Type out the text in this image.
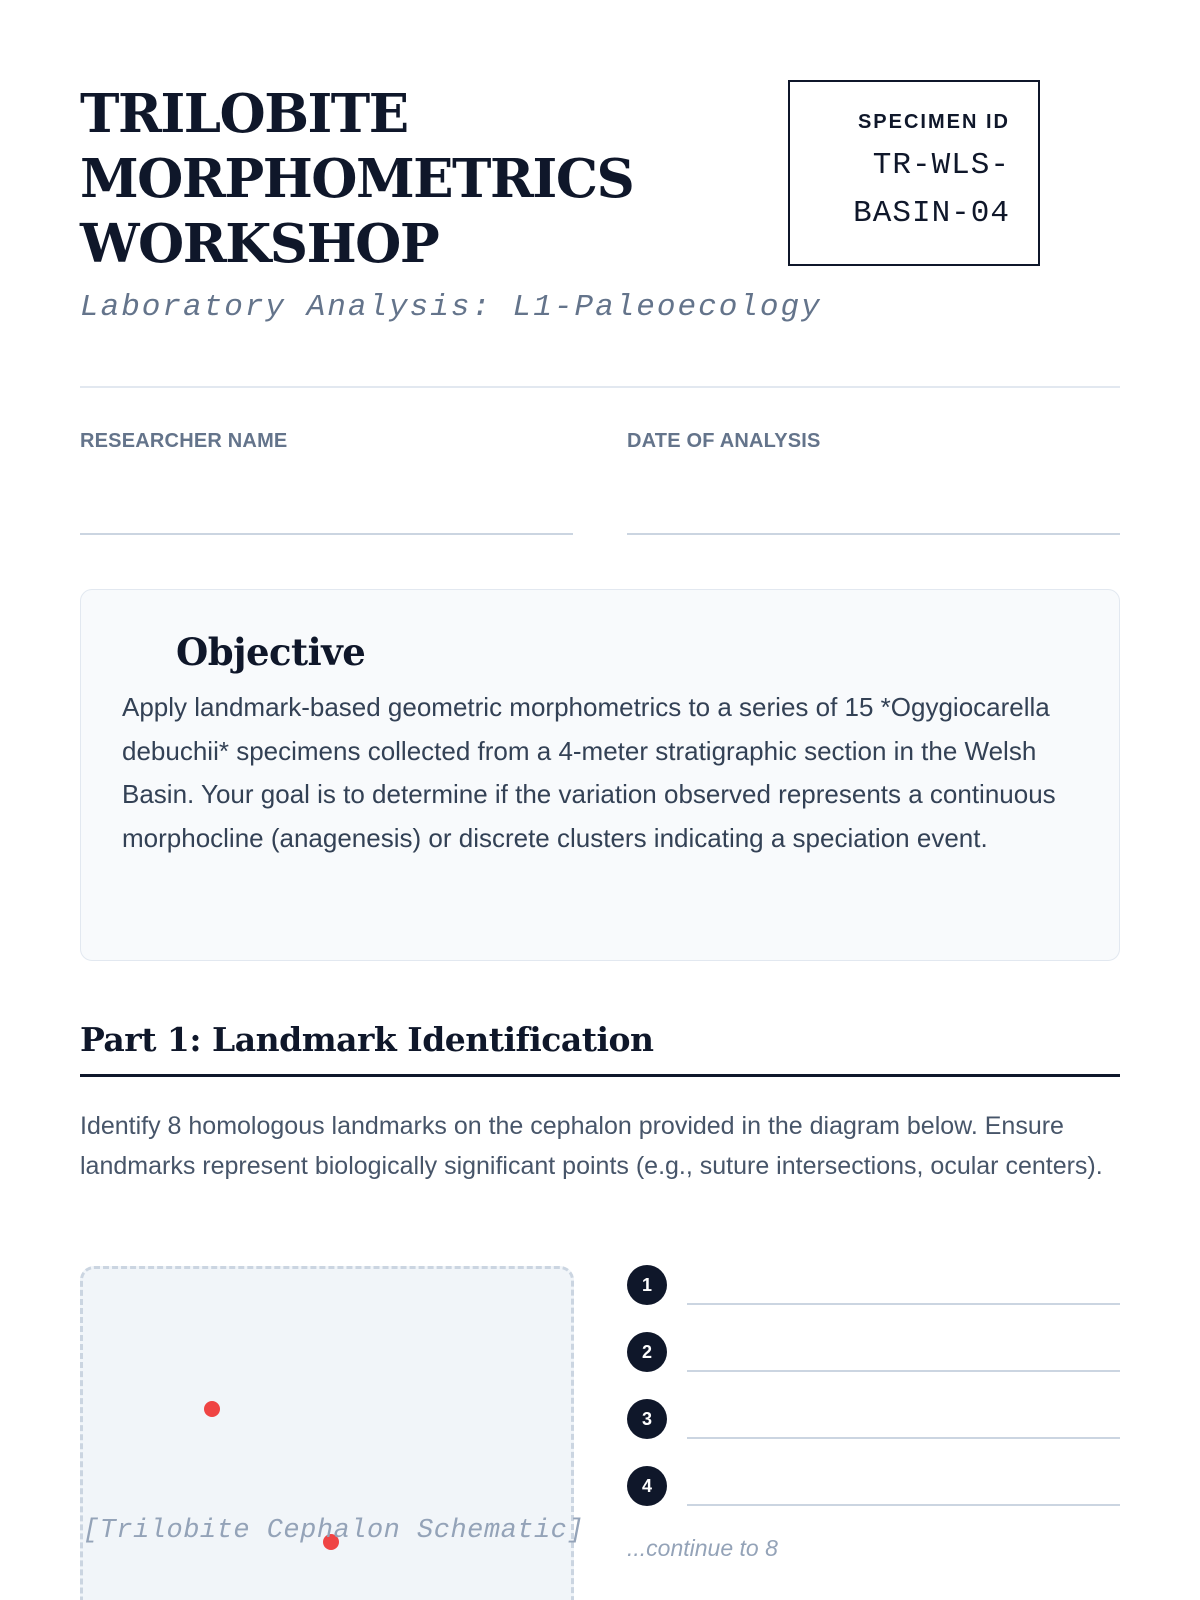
TRILOBITE
MORPHOMETRICS
WORKSHOP

Laboratory Analysis: L1-Paleoecology

SPECIMEN ID
TR-WLS-
BASIN-04
RESEARCHER NAME	DATE OF ANALYSIS
Objective

Apply landmark-based geometric morphometrics to a series of 15 *Ogygiocarella debuchii* specimens collected from a 4-meter stratigraphic section in the Welsh Basin. Your goal is to determine if the variation observed represents a continuous morphocline (anagenesis) or discrete clusters indicating a speciation event.

Part 1: Landmark Identification

Identify 8 homologous landmarks on the cephalon provided in the diagram below. Ensure landmarks represent biologically significant points (e.g., suture intersections, ocular centers).

[Trilobite Cephalon Schematic]
1
2
3
4
...continue to 8
